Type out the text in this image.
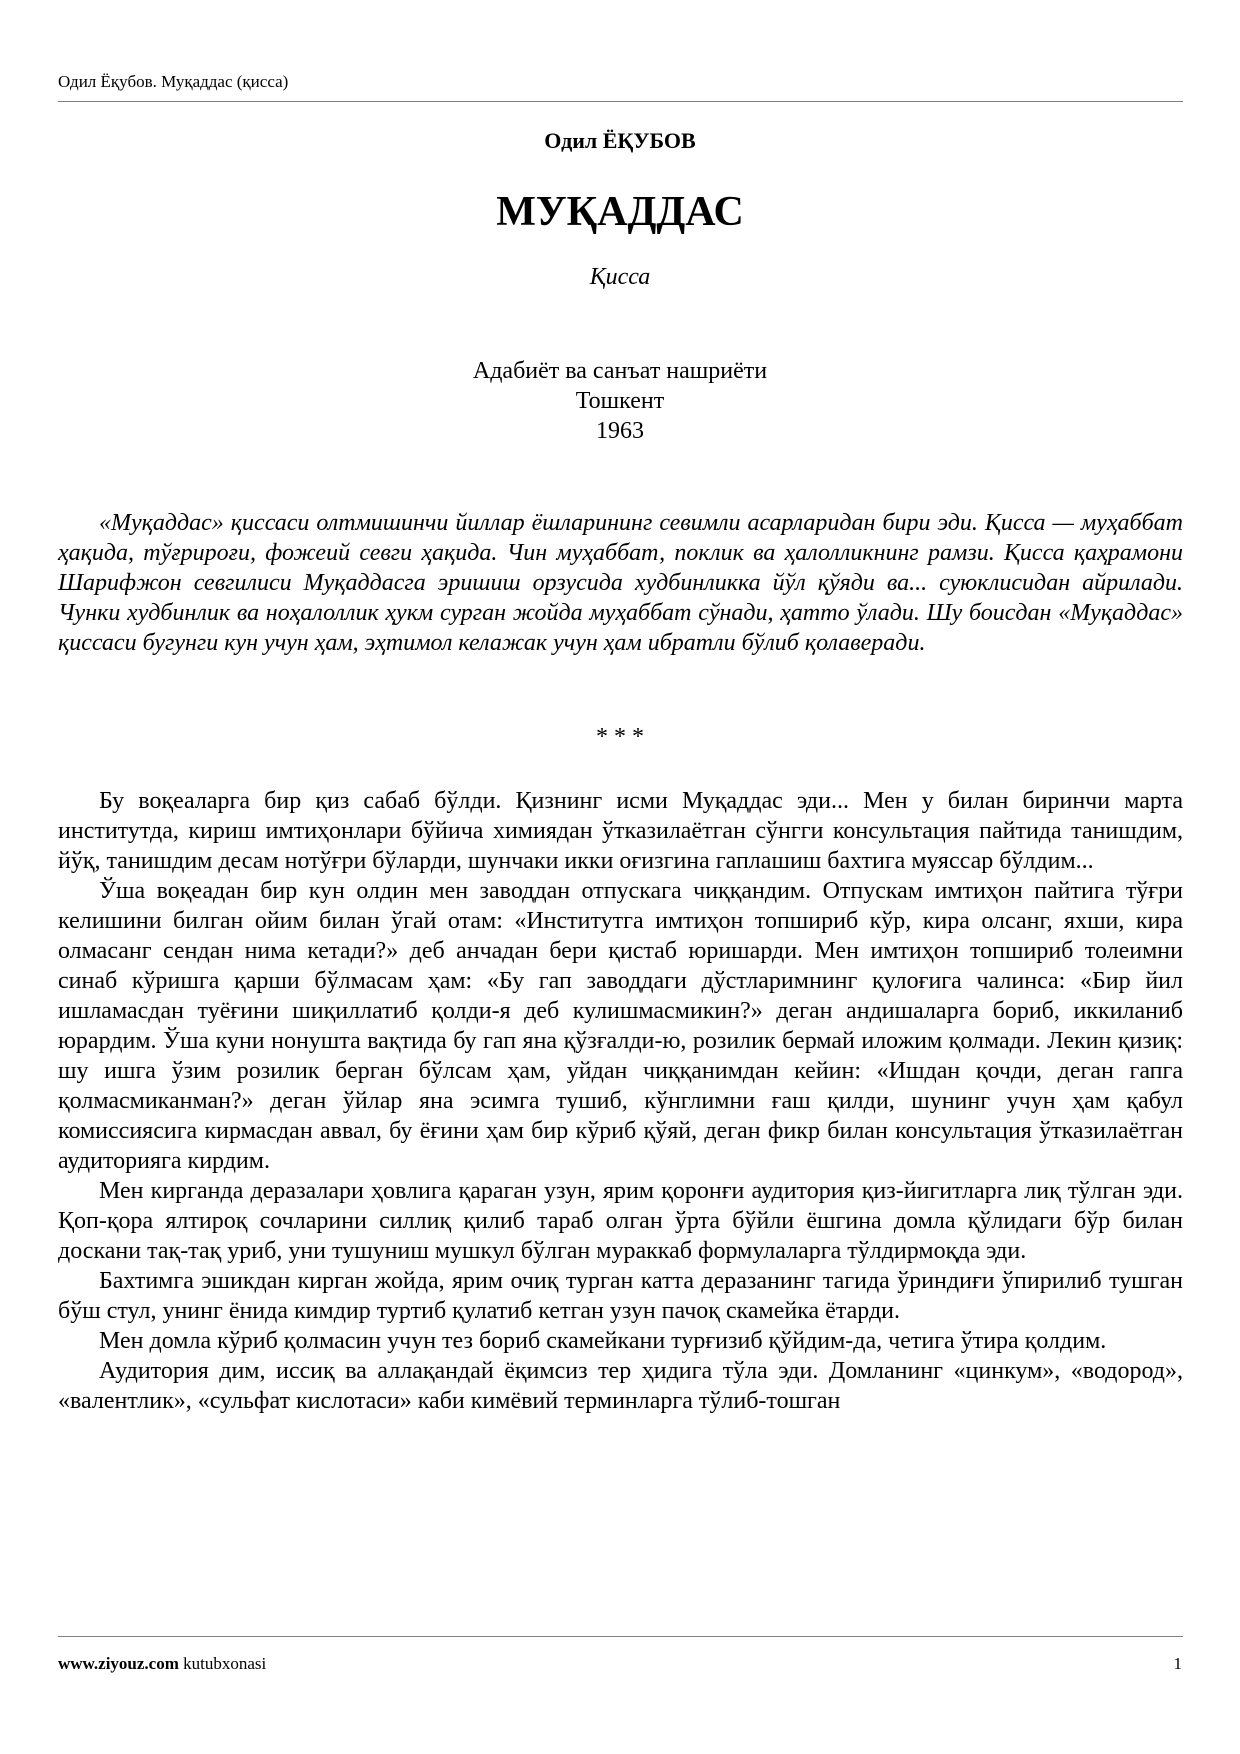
Одил Ёқубов. Муқаддас (қисса)
Одил ЁҚУБОВ
МУҚАДДАС
Қисса
Адабиёт ва санъат нашриёти
Тошкент
1963

«Муқаддас» қиссаси олтмишинчи йиллар ёшларининг севимли асарларидан бири эди. Қисса — муҳаббат ҳақида, тўғрироғи, фожеий севги ҳақида. Чин муҳаббат, поклик ва ҳалолликнинг рамзи. Қисса қаҳрамони Шарифжон севгилиси Муқаддасга эришиш орзусида худбинликка йўл қўяди ва... суюклисидан айрилади. Чунки худбинлик ва ноҳалоллик ҳукм сурган жойда муҳаббат сўнади, ҳатто ўлади. Шу боисдан «Муқаддас» қиссаси бугунги кун учун ҳам, эҳтимол келажак учун ҳам ибратли бўлиб қолаверади.

* * *

Бу воқеаларга бир қиз сабаб бўлди. Қизнинг исми Муқаддас эди... Мен у билан биринчи марта институтда, кириш имтиҳонлари бўйича химиядан ўтказилаётган сўнгги консультация пайтида танишдим, йўқ, танишдим десам нотўғри бўларди, шунчаки икки оғизгина гаплашиш бахтига муяссар бўлдим...

Ўша воқеадан бир кун олдин мен заводдан отпускага чиққандим. Отпускам имтиҳон пайтига тўғри келишини билган ойим билан ўгай отам: «Институтга имтиҳон топшириб кўр, кира олсанг, яхши, кира олмасанг сендан нима кетади?» деб анчадан бери қистаб юришарди. Мен имтиҳон топшириб толеимни синаб кўришга қарши бўлмасам ҳам: «Бу гап заводдаги дўстларимнинг қулоғига чалинса: «Бир йил ишламасдан туёғини шиқиллатиб қолди-я деб кулишмасмикин?» деган андишаларга бориб, иккиланиб юрардим. Ўша куни нонушта вақтида бу гап яна қўзғалди-ю, розилик бермай иложим қолмади. Лекин қизиқ: шу ишга ўзим розилик берган бўлсам ҳам, уйдан чиққанимдан кейин: «Ишдан қочди, деган гапга қолмасмиканман?» деган ўйлар яна эсимга тушиб, кўнглимни ғаш қилди, шунинг учун ҳам қабул комиссиясига кирмасдан аввал, бу ёғини ҳам бир кўриб қўяй, деган фикр билан консультация ўтказилаётган аудиторияга кирдим.

Мен кирганда деразалари ҳовлига қараган узун, ярим қоронғи аудитория қиз-йигитларга лиқ тўлган эди. Қоп-қора ялтироқ сочларини силлиқ қилиб тараб олган ўрта бўйли ёшгина домла қўлидаги бўр билан доскани тақ-тақ уриб, уни тушуниш мушкул бўлган мураккаб формулаларга тўлдирмоқда эди.

Бахтимга эшикдан кирган жойда, ярим очиқ турган катта деразанинг тагида ўриндиғи ўпирилиб тушган бўш стул, унинг ёнида кимдир туртиб қулатиб кетган узун пачоқ скамейка ётарди.

Мен домла кўриб қолмасин учун тез бориб скамейкани турғизиб қўйдим-да, четига ўтира қолдим.

Аудитория дим, иссиқ ва аллақандай ёқимсиз тер ҳидига тўла эди. Домланинг «цинкум», «водород», «валентлик», «сульфат кислотаси» каби кимёвий терминларга тўлиб-тошган

www.ziyouz.com kutubxonasi	1
